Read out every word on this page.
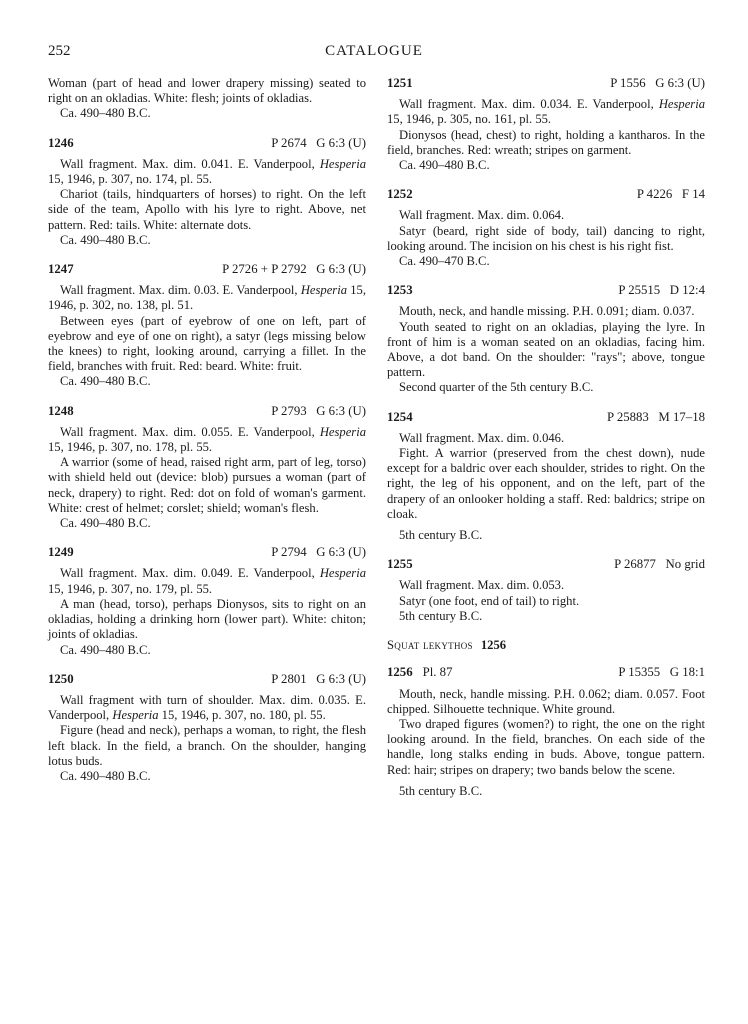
252	CATALOGUE

Woman (part of head and lower drapery missing) seated to right on an okladias. White: flesh; joints of okladias.

Ca. 490–480 B.C.

1246	P 2674   G 6:3 (U)

Wall fragment. Max. dim. 0.041. E. Vanderpool, Hesperia 15, 1946, p. 307, no. 174, pl. 55.

Chariot (tails, hindquarters of horses) to right. On the left side of the team, Apollo with his lyre to right. Above, net pattern. Red: tails. White: alternate dots.

Ca. 490–480 B.C.

1247	P 2726 + P 2792   G 6:3 (U)

Wall fragment. Max. dim. 0.03. E. Vanderpool, Hesperia 15, 1946, p. 302, no. 138, pl. 51.

Between eyes (part of eyebrow of one on left, part of eyebrow and eye of one on right), a satyr (legs missing below the knees) to right, looking around, carrying a fillet. In the field, branches with fruit. Red: beard. White: fruit.

Ca. 490–480 B.C.

1248	P 2793   G 6:3 (U)

Wall fragment. Max. dim. 0.055. E. Vanderpool, Hesperia 15, 1946, p. 307, no. 178, pl. 55.

A warrior (some of head, raised right arm, part of leg, torso) with shield held out (device: blob) pursues a woman (part of neck, drapery) to right. Red: dot on fold of woman's garment. White: crest of helmet; corslet; shield; woman's flesh.

Ca. 490–480 B.C.

1249	P 2794   G 6:3 (U)

Wall fragment. Max. dim. 0.049. E. Vanderpool, Hesperia 15, 1946, p. 307, no. 179, pl. 55.

A man (head, torso), perhaps Dionysos, sits to right on an okladias, holding a drinking horn (lower part). White: chiton; joints of okladias.

Ca. 490–480 B.C.

1250	P 2801   G 6:3 (U)

Wall fragment with turn of shoulder. Max. dim. 0.035. E. Vanderpool, Hesperia 15, 1946, p. 307, no. 180, pl. 55.

Figure (head and neck), perhaps a woman, to right, the flesh left black. In the field, a branch. On the shoulder, hanging lotus buds.

Ca. 490–480 B.C.

1251	P 1556   G 6:3 (U)

Wall fragment. Max. dim. 0.034. E. Vanderpool, Hesperia 15, 1946, p. 305, no. 161, pl. 55.

Dionysos (head, chest) to right, holding a kantharos. In the field, branches. Red: wreath; stripes on garment.

Ca. 490–480 B.C.

1252	P 4226   F 14

Wall fragment. Max. dim. 0.064.

Satyr (beard, right side of body, tail) dancing to right, looking around. The incision on his chest is his right fist.

Ca. 490–470 B.C.

1253	P 25515   D 12:4

Mouth, neck, and handle missing. P.H. 0.091; diam. 0.037.

Youth seated to right on an okladias, playing the lyre. In front of him is a woman seated on an okladias, facing him. Above, a dot band. On the shoulder: "rays"; above, tongue pattern.

Second quarter of the 5th century B.C.

1254	P 25883   M 17–18

Wall fragment. Max. dim. 0.046.

Fight. A warrior (preserved from the chest down), nude except for a baldric over each shoulder, strides to right. On the right, the leg of his opponent, and on the left, part of the drapery of an onlooker holding a staff. Red: baldrics; stripe on cloak.

5th century B.C.

1255	P 26877   No grid

Wall fragment. Max. dim. 0.053.

Satyr (one foot, end of tail) to right.

5th century B.C.

Squat lekythos 1256
1256 Pl. 87	P 15355   G 18:1

Mouth, neck, handle missing. P.H. 0.062; diam. 0.057. Foot chipped. Silhouette technique. White ground.

Two draped figures (women?) to right, the one on the right looking around. In the field, branches. On each side of the handle, long stalks ending in buds. Above, tongue pattern. Red: hair; stripes on drapery; two bands below the scene.

5th century B.C.
